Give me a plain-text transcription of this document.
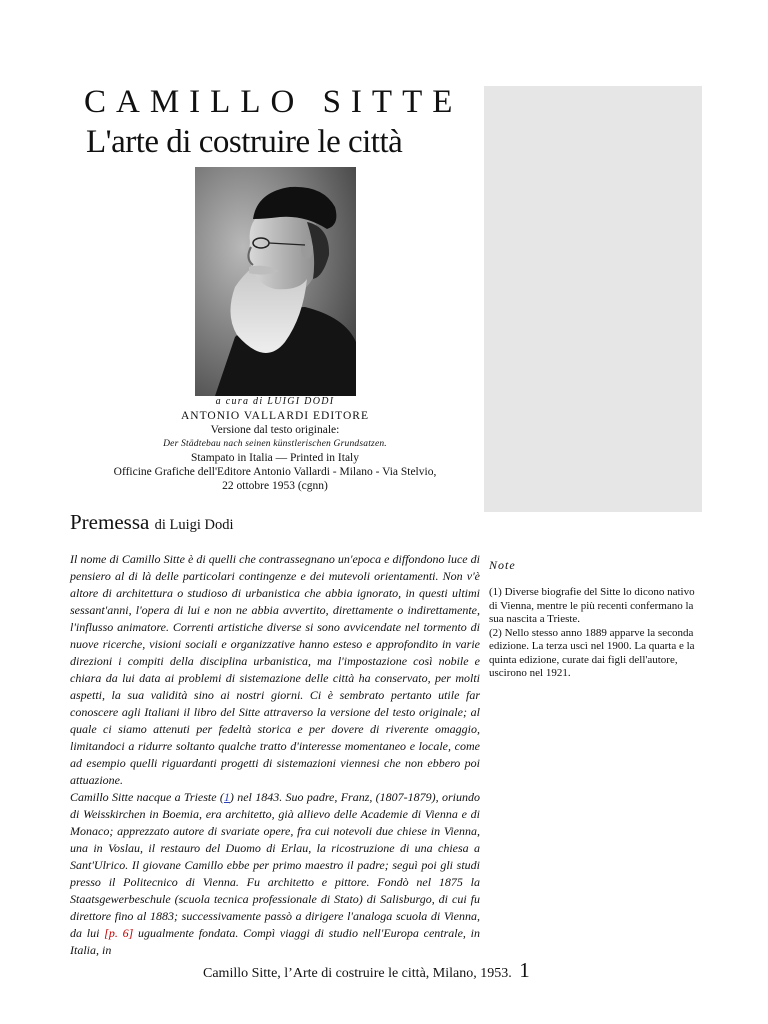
CAMILLO SITTE
L'arte di costruire le città
a cura di LUIGI DODI
ANTONIO VALLARDI EDITORE
Versione dal testo originale:
Der Städtebau nach seinen künstlerischen Grundsatzen.
Stampato in Italia — Printed in Italy
Officine Grafiche dell'Editore Antonio Vallardi - Milano - Via Stelvio,
22 ottobre 1953 (cgnn)
Premessa di Luigi Dodi

Il nome di Camillo Sitte è di quelli che contrassegnano un'epoca e diffondono luce di pensiero al di là delle particolari contingenze e dei mutevoli orientamenti. Non v'è altore di architettura o studioso di urbanistica che abbia ignorato, in questi ultimi sessant'anni, l'opera di lui e non ne abbia avvertito, direttamente o indirettamente, l'influsso animatore. Correnti artistiche diverse si sono avvicendate nel tormento di nuove ricerche, visioni sociali e organizzative hanno esteso e approfondito in varie direzioni i compiti della disciplina urbanistica, ma l'impostazione così nobile e chiara da lui data ai problemi di sistemazione delle città ha conservato, per molti aspetti, la sua validità sino ai nostri giorni. Ci è sembrato pertanto utile far conoscere agli Italiani il libro del Sitte attraverso la versione del testo originale; al quale ci siamo attenuti per fedeltà storica e per dovere di riverente omaggio, limitandoci a ridurre soltanto qualche tratto d'interesse momentaneo e locale, come ad esempio quelli riguardanti progetti di sistemazioni viennesi che non ebbero poi attuazione.

Camillo Sitte nacque a Trieste (1) nel 1843. Suo padre, Franz, (1807-1879), oriundo di Weisskirchen in Boemia, era architetto, già allievo delle Academie di Vienna e di Monaco; apprezzato autore di svariate opere, fra cui notevoli due chiese in Vienna, una in Voslau, il restauro del Duomo di Erlau, la ricostruzione di una chiesa a Sant'Ulrico. Il giovane Camillo ebbe per primo maestro il padre; seguì poi gli studi presso il Politecnico di Vienna. Fu architetto e pittore. Fondò nel 1875 la Staatsgewerbeschule (scuola tecnica professionale di Stato) di Salisburgo, di cui fu direttore fino al 1883; successivamente passò a dirigere l'analoga scuola di Vienna, da lui [p. 6] ugualmente fondata. Compì viaggi di studio nell'Europa centrale, in Italia, in

Note

(1) Diverse biografie del Sitte lo dicono nativo di Vienna, mentre le più recenti confermano la sua nascita a Trieste.

(2) Nello stesso anno 1889 apparve la seconda edizione. La terza uscì nel 1900. La quarta e la quinta edizione, curate dai figli dell'autore, uscirono nel 1921.

Camillo Sitte, l’Arte di costruire le città, Milano, 1953. 1
